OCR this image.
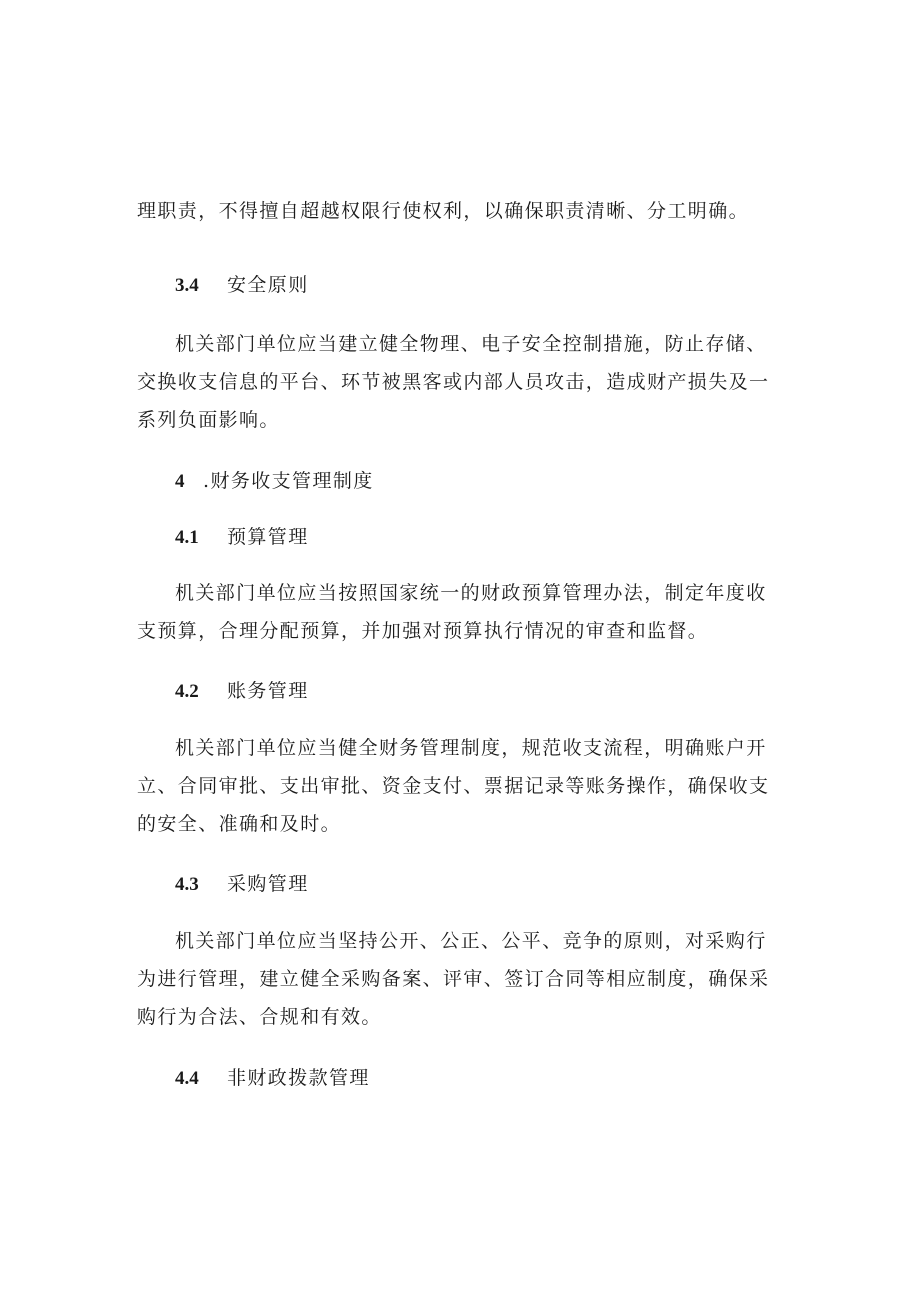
理职责，不得擅自超越权限行使权利，以确保职责清晰、分工明确。

3.4 安全原则

机关部门单位应当建立健全物理、电子安全控制措施，防止存储、交换收支信息的平台、环节被黑客或内部人员攻击，造成财产损失及一系列负面影响。

4 .财务收支管理制度
4.1 预算管理

机关部门单位应当按照国家统一的财政预算管理办法，制定年度收支预算，合理分配预算，并加强对预算执行情况的审查和监督。

4.2 账务管理

机关部门单位应当健全财务管理制度，规范收支流程，明确账户开立、合同审批、支出审批、资金支付、票据记录等账务操作，确保收支的安全、准确和及时。

4.3 采购管理

机关部门单位应当坚持公开、公正、公平、竞争的原则，对采购行为进行管理，建立健全采购备案、评审、签订合同等相应制度，确保采购行为合法、合规和有效。

4.4 非财政拨款管理
